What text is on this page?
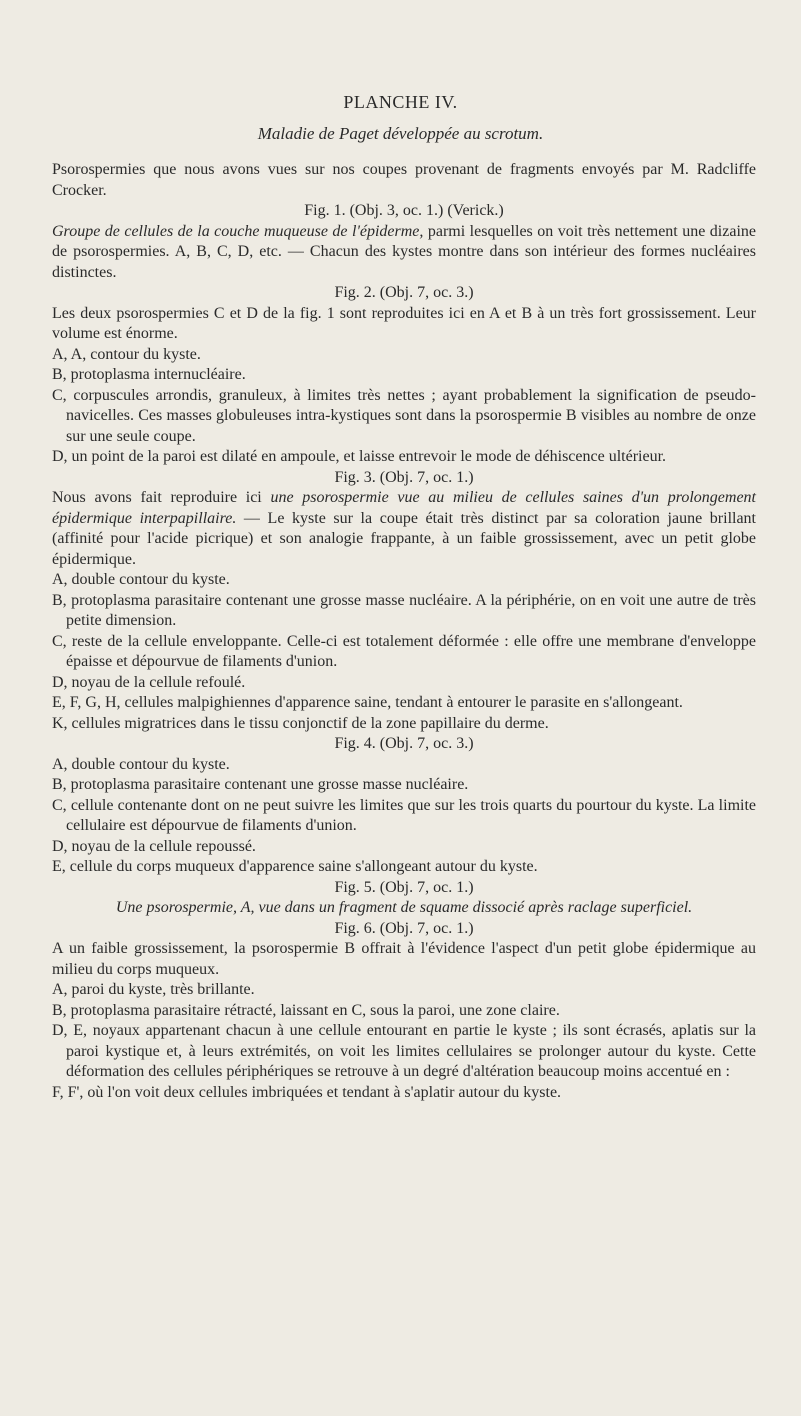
PLANCHE IV.
Maladie de Paget développée au scrotum.

Psorospermies que nous avons vues sur nos coupes provenant de fragments envoyés par M. Radcliffe Crocker.

Fig. 1. (Obj. 3, oc. 1.) (Verick.)

Groupe de cellules de la couche muqueuse de l'épiderme, parmi lesquelles on voit très nettement une dizaine de psorospermies. A, B, C, D, etc. — Chacun des kystes montre dans son intérieur des formes nucléaires distinctes.

Fig. 2. (Obj. 7, oc. 3.)

Les deux psorospermies C et D de la fig. 1 sont reproduites ici en A et B à un très fort grossissement. Leur volume est énorme.

A, A, contour du kyste.

B, protoplasma internucléaire.

C, corpuscules arrondis, granuleux, à limites très nettes ; ayant probablement la signification de pseudo-navicelles. Ces masses globuleuses intra-kystiques sont dans la psorospermie B visibles au nombre de onze sur une seule coupe.

D, un point de la paroi est dilaté en ampoule, et laisse entrevoir le mode de déhiscence ultérieur.

Fig. 3. (Obj. 7, oc. 1.)

Nous avons fait reproduire ici une psorospermie vue au milieu de cellules saines d'un prolongement épidermique interpapillaire. — Le kyste sur la coupe était très distinct par sa coloration jaune brillant (affinité pour l'acide picrique) et son analogie frappante, à un faible grossissement, avec un petit globe épidermique.

A, double contour du kyste.

B, protoplasma parasitaire contenant une grosse masse nucléaire. A la périphérie, on en voit une autre de très petite dimension.

C, reste de la cellule enveloppante. Celle-ci est totalement déformée : elle offre une membrane d'enveloppe épaisse et dépourvue de filaments d'union.

D, noyau de la cellule refoulé.

E, F, G, H, cellules malpighiennes d'apparence saine, tendant à entourer le parasite en s'allongeant.

K, cellules migratrices dans le tissu conjonctif de la zone papillaire du derme.

Fig. 4. (Obj. 7, oc. 3.)

A, double contour du kyste.

B, protoplasma parasitaire contenant une grosse masse nucléaire.

C, cellule contenante dont on ne peut suivre les limites que sur les trois quarts du pourtour du kyste. La limite cellulaire est dépourvue de filaments d'union.

D, noyau de la cellule repoussé.

E, cellule du corps muqueux d'apparence saine s'allongeant autour du kyste.

Fig. 5. (Obj. 7, oc. 1.)

Une psorospermie, A, vue dans un fragment de squame dissocié après raclage superficiel.

Fig. 6. (Obj. 7, oc. 1.)

A un faible grossissement, la psorospermie B offrait à l'évidence l'aspect d'un petit globe épidermique au milieu du corps muqueux.

A, paroi du kyste, très brillante.

B, protoplasma parasitaire rétracté, laissant en C, sous la paroi, une zone claire.

D, E, noyaux appartenant chacun à une cellule entourant en partie le kyste ; ils sont écrasés, aplatis sur la paroi kystique et, à leurs extrémités, on voit les limites cellulaires se prolonger autour du kyste. Cette déformation des cellules périphériques se retrouve à un degré d'altération beaucoup moins accentué en :

F, F', où l'on voit deux cellules imbriquées et tendant à s'aplatir autour du kyste.
